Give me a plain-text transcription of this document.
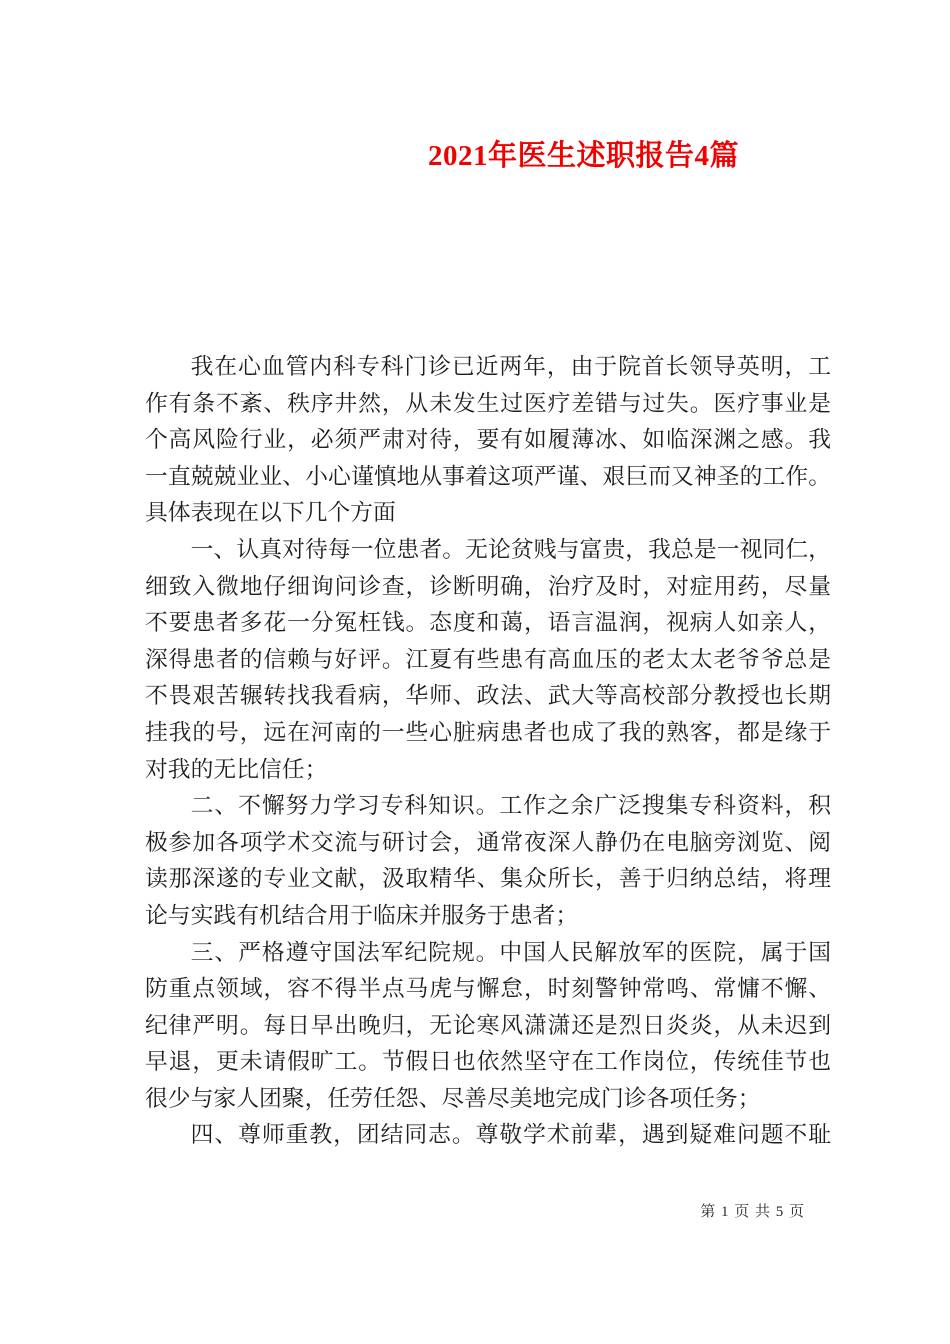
2021年医生述职报告4篇
我在心血管内科专科门诊已近两年，由于院首长领导英明，工
作有条不紊、秩序井然，从未发生过医疗差错与过失。医疗事业是
个高风险行业，必须严肃对待，要有如履薄冰、如临深渊之感。我
一直兢兢业业、小心谨慎地从事着这项严谨、艰巨而又神圣的工作。
具体表现在以下几个方面
一、认真对待每一位患者。无论贫贱与富贵，我总是一视同仁，
细致入微地仔细询问诊查，诊断明确，治疗及时，对症用药，尽量
不要患者多花一分冤枉钱。态度和蔼，语言温润，视病人如亲人，
深得患者的信赖与好评。江夏有些患有高血压的老太太老爷爷总是
不畏艰苦辗转找我看病，华师、政法、武大等高校部分教授也长期
挂我的号，远在河南的一些心脏病患者也成了我的熟客，都是缘于
对我的无比信任；
二、不懈努力学习专科知识。工作之余广泛搜集专科资料，积
极参加各项学术交流与研讨会，通常夜深人静仍在电脑旁浏览、阅
读那深遂的专业文献，汲取精华、集众所长，善于归纳总结，将理
论与实践有机结合用于临床并服务于患者；
三、严格遵守国法军纪院规。中国人民解放军的医院，属于国
防重点领域，容不得半点马虎与懈怠，时刻警钟常鸣、常慵不懈、
纪律严明。每日早出晚归，无论寒风潇潇还是烈日炎炎，从未迟到
早退，更未请假旷工。节假日也依然坚守在工作岗位，传统佳节也
很少与家人团聚，任劳任怨、尽善尽美地完成门诊各项任务；
四、尊师重教，团结同志。尊敬学术前辈，遇到疑难问题不耻
第 1 页 共 5 页
